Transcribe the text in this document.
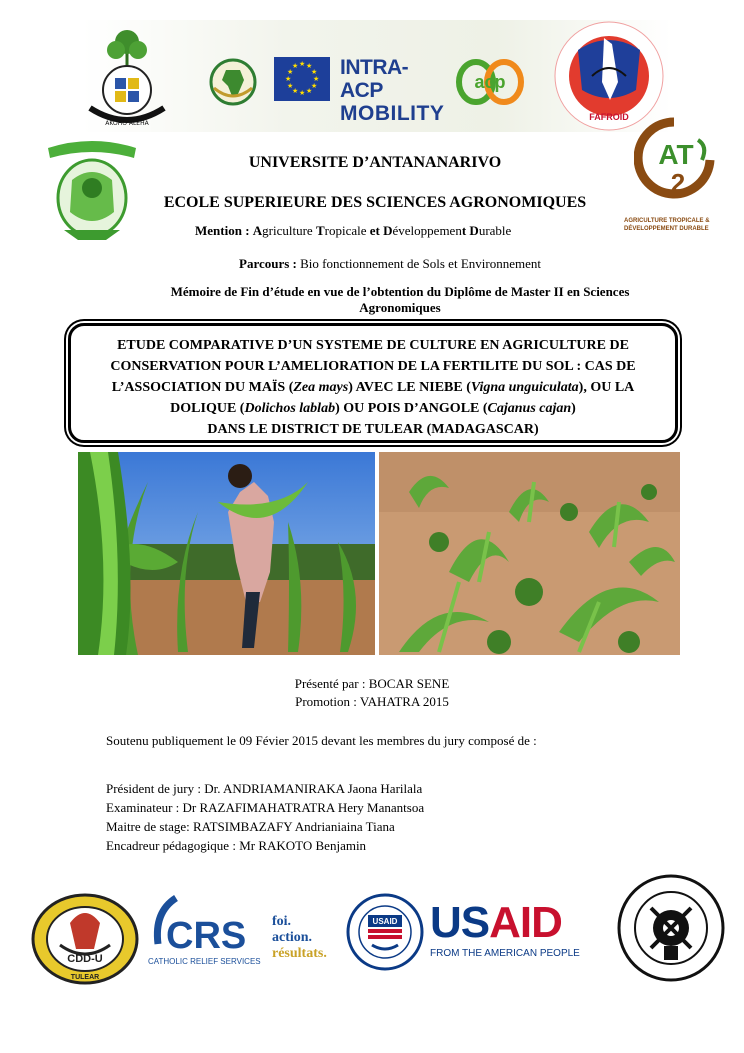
AKOHO ALEHA
★ ★
★
★
★
★
★
★
★
★
★
★ INTRA-ACP
MOBILITY
acp
FAFROID
AT
2
AGRICULTURE TROPICALE &
DÉVELOPPEMENT DURABLE
UNIVERSITE D’ANTANANARIVO
ECOLE SUPERIEURE DES SCIENCES AGRONOMIQUES
Mention : Agriculture Tropicale et Développement Durable
Parcours : Bio fonctionnement de Sols et Environnement
Mémoire de Fin d’étude en vue de l’obtention du Diplôme de Master II en Sciences
Agronomiques

ETUDE COMPARATIVE D’UN SYSTEME DE CULTURE EN AGRICULTURE DE

CONSERVATION POUR L’AMELIORATION DE LA FERTILITE DU SOL : CAS DE

L’ASSOCIATION DU MAÏS (Zea mays) AVEC LE NIEBE (Vigna unguiculata), OU LA

DOLIQUE (Dolichos lablab) OU POIS D’ANGOLE (Cajanus cajan)

DANS LE DISTRICT DE TULEAR (MADAGASCAR)

Présenté par : BOCAR SENE
Promotion : VAHATRA 2015
Soutenu publiquement le 09 Févier 2015 devant les membres du jury composé de :
Président de jury : Dr. ANDRIAMANIRAKA Jaona Harilala
Examinateur : Dr RAZAFIMAHATRATRA Hery Manantsoa
Maitre de stage: RATSIMBAZAFY Andrianiaina Tiana
Encadreur pédagogique : Mr RAKOTO Benjamin
CDD-U
TULEAR
CRS
CATHOLIC RELIEF SERVICES
foi.
action.
résultats.
USAID USAID
FROM THE AMERICAN PEOPLE
